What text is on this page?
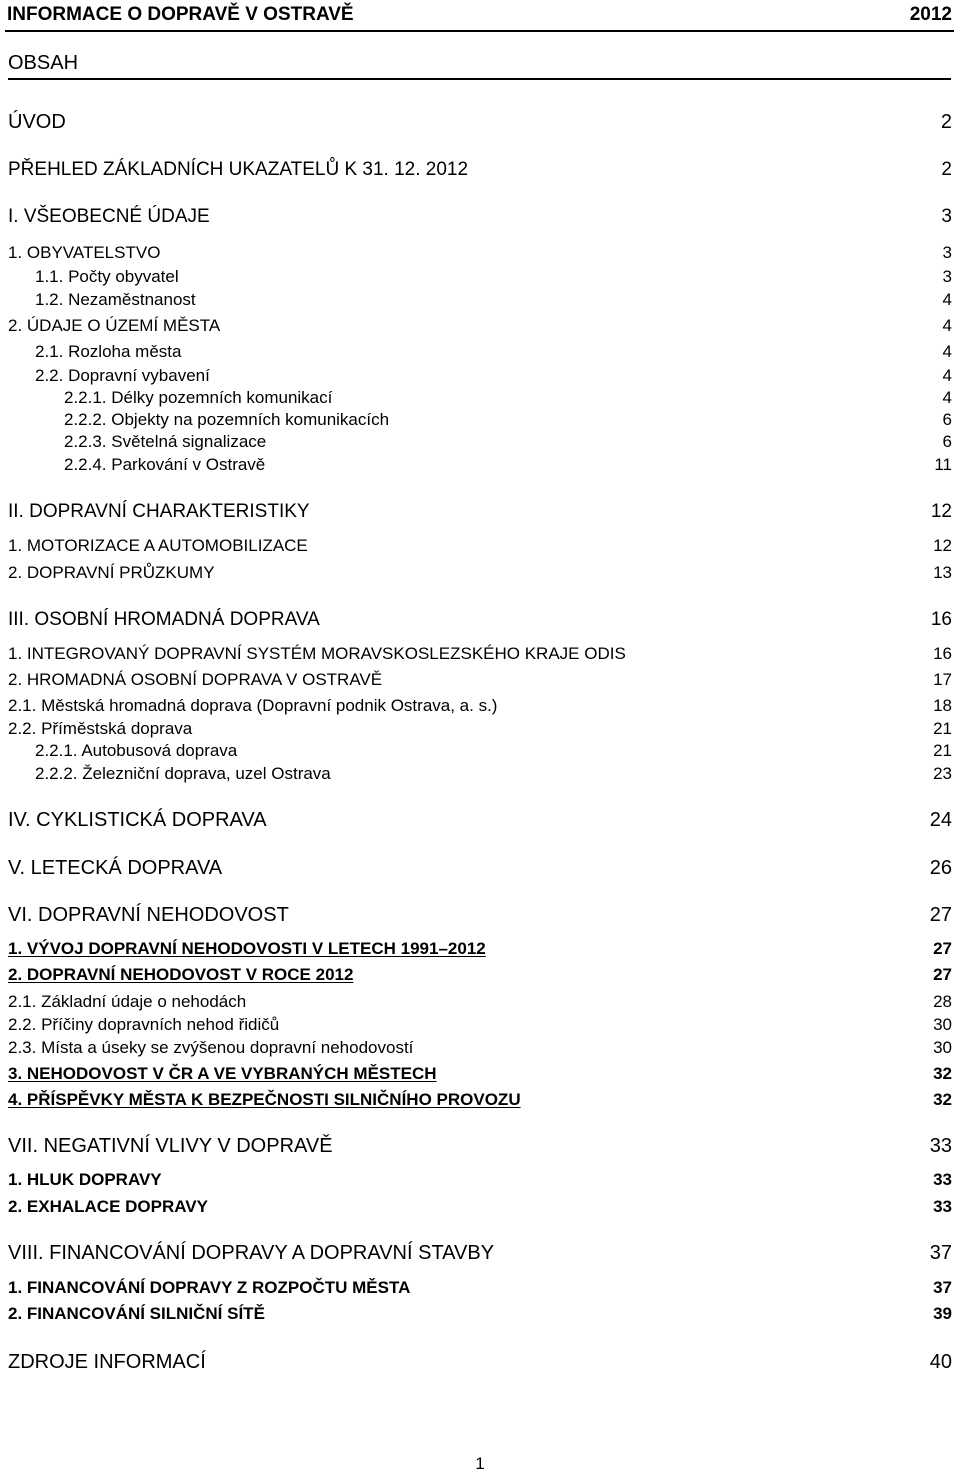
INFORMACE O DOPRAVĚ V OSTRAVĚ	2012
OBSAH
ÚVOD	2
PŘEHLED ZÁKLADNÍCH UKAZATELŮ K 31. 12. 2012	2
I. VŠEOBECNÉ ÚDAJE	3
1. OBYVATELSTVO	3
1.1. Počty obyvatel	3
1.2. Nezaměstnanost	4
2. ÚDAJE O ÚZEMÍ MĚSTA	4
2.1. Rozloha města	4
2.2. Dopravní vybavení	4
2.2.1. Délky pozemních komunikací	4
2.2.2. Objekty na pozemních komunikacích	6
2.2.3. Světelná signalizace	6
2.2.4. Parkování v Ostravě	11
II. DOPRAVNÍ CHARAKTERISTIKY	12
1. MOTORIZACE A AUTOMOBILIZACE	12
2. DOPRAVNÍ PRŮZKUMY	13
III. OSOBNÍ HROMADNÁ DOPRAVA	16
1. INTEGROVANÝ DOPRAVNÍ SYSTÉM MORAVSKOSLEZSKÉHO KRAJE ODIS	16
2. HROMADNÁ OSOBNÍ DOPRAVA V OSTRAVĚ	17
2.1. Městská hromadná doprava (Dopravní podnik Ostrava, a. s.)	18
2.2. Příměstská doprava	21
2.2.1. Autobusová doprava	21
2.2.2. Železniční doprava, uzel Ostrava	23
IV. CYKLISTICKÁ DOPRAVA	24
V. LETECKÁ DOPRAVA	26
VI. DOPRAVNÍ NEHODOVOST	27
1. VÝVOJ DOPRAVNÍ NEHODOVOSTI V LETECH 1991–2012	27
2. DOPRAVNÍ NEHODOVOST V ROCE 2012	27
2.1. Základní údaje o nehodách	28
2.2. Příčiny dopravních nehod řidičů	30
2.3. Místa a úseky se zvýšenou dopravní nehodovostí	30
3. NEHODOVOST V ČR A VE VYBRANÝCH MĚSTECH	32
4. PŘÍSPĚVKY MĚSTA K BEZPEČNOSTI SILNIČNÍHO PROVOZU	32
VII. NEGATIVNÍ VLIVY V DOPRAVĚ	33
1. HLUK DOPRAVY	33
2. EXHALACE DOPRAVY	33
VIII. FINANCOVÁNÍ DOPRAVY A DOPRAVNÍ STAVBY	37
1. FINANCOVÁNÍ DOPRAVY Z ROZPOČTU MĚSTA	37
2. FINANCOVÁNÍ SILNIČNÍ SÍTĚ	39
ZDROJE INFORMACÍ	40
1
